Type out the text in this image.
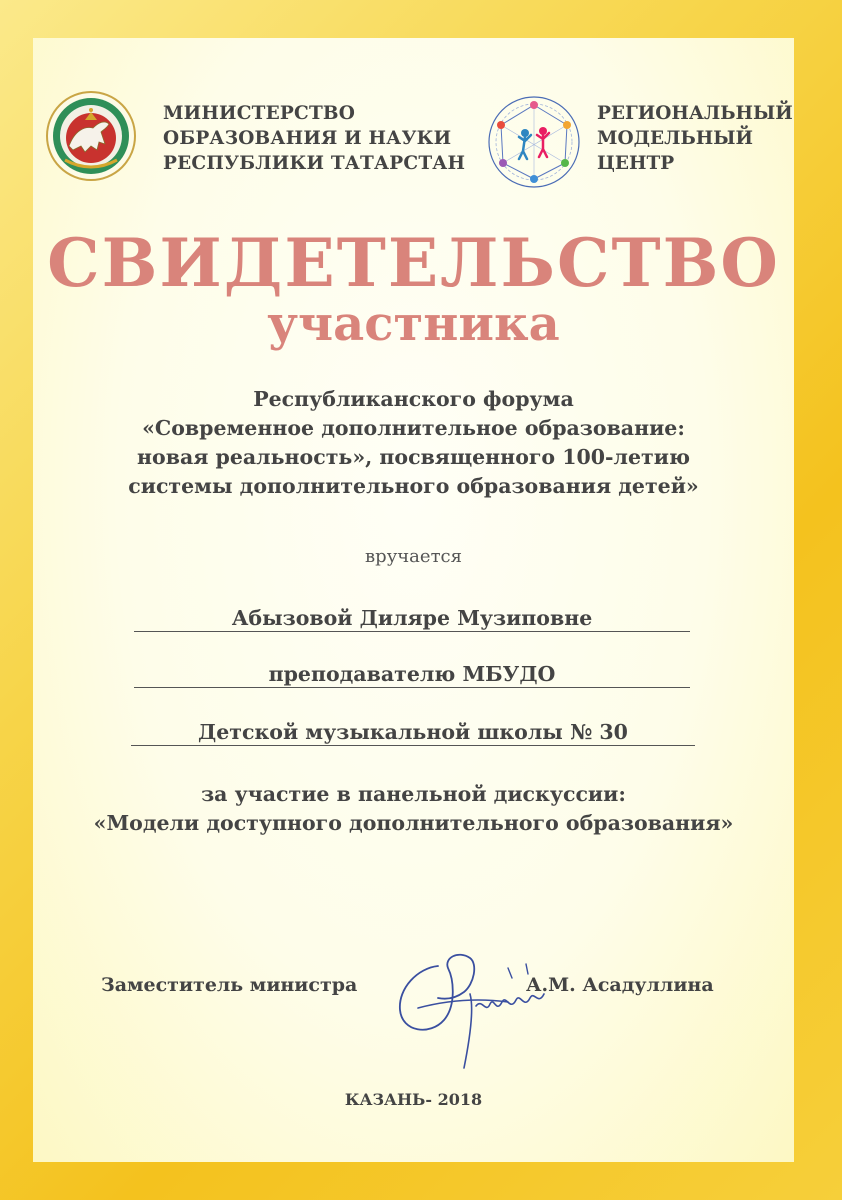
МИНИСТЕРСТВО
ОБРАЗОВАНИЯ И НАУКИ
РЕСПУБЛИКИ ТАТАРСТАН
РЕГИОНАЛЬНЫЙ
МОДЕЛЬНЫЙ
ЦЕНТР
СВИДЕТЕЛЬСТВО
участника
Республиканского форума
«Современное дополнительное образование:
новая реальность», посвященного 100-летию
системы дополнительного образования детей»
вручается
Абызовой Диляре Музиповне
преподавателю МБУДО
Детской музыкальной школы № 30
за участие в панельной дискуссии:
«Модели доступного дополнительного образования»
Заместитель министра	А.М. Асадуллина
КАЗАНЬ- 2018
